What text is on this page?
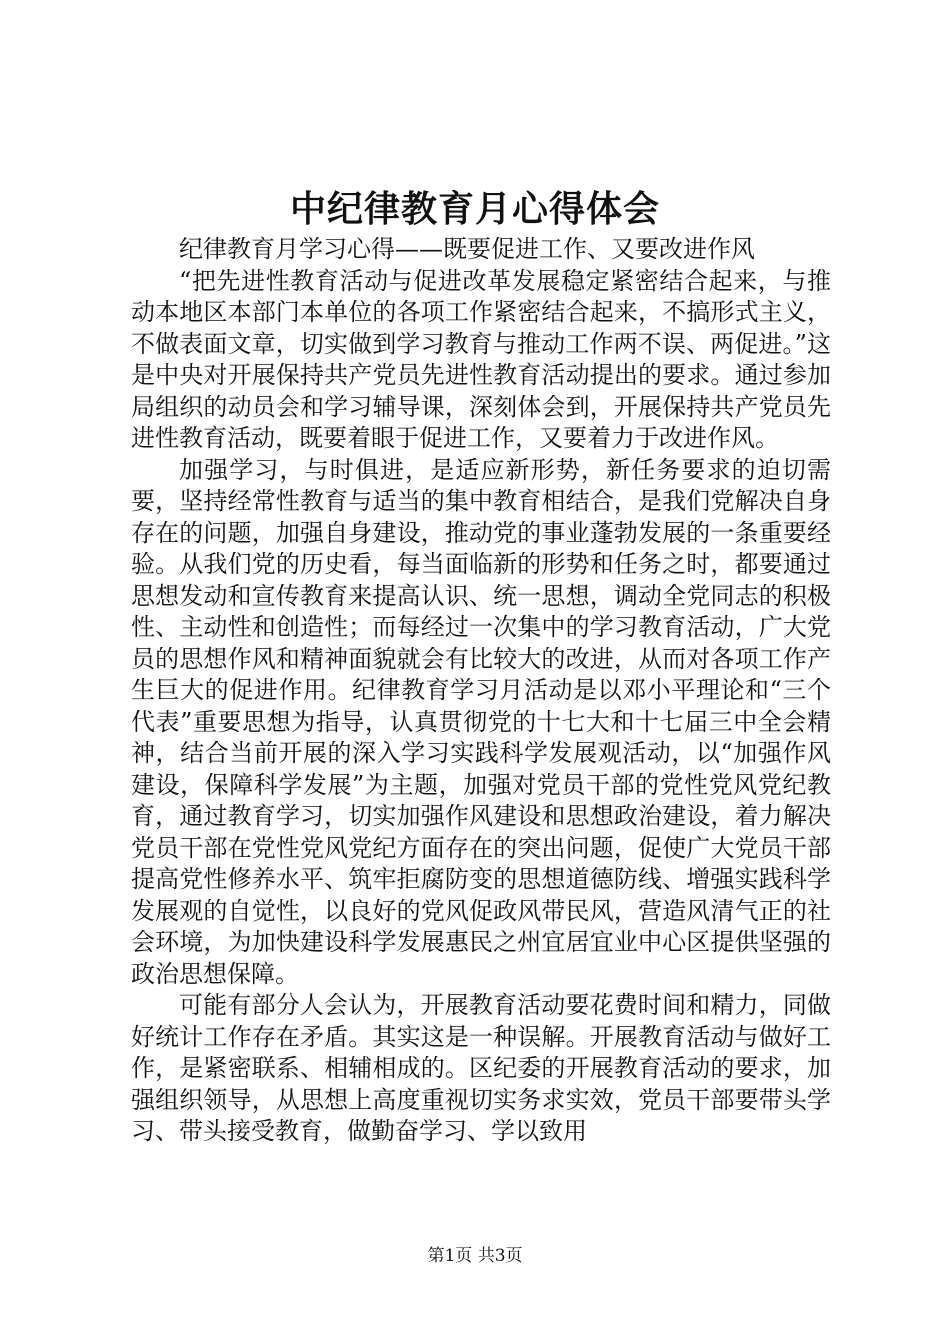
中纪律教育月心得体会

纪律教育月学习心得——既要促进工作、又要改进作风

“把先进性教育活动与促进改革发展稳定紧密结合起来，与推动本地区本部门本单位的各项工作紧密结合起来，不搞形式主义，不做表面文章，切实做到学习教育与推动工作两不误、两促进。”这是中央对开展保持共产党员先进性教育活动提出的要求。通过参加局组织的动员会和学习辅导课，深刻体会到，开展保持共产党员先进性教育活动，既要着眼于促进工作，又要着力于改进作风。

加强学习，与时俱进，是适应新形势，新任务要求的迫切需要，坚持经常性教育与适当的集中教育相结合，是我们党解决自身存在的问题，加强自身建设，推动党的事业蓬勃发展的一条重要经验。从我们党的历史看，每当面临新的形势和任务之时，都要通过思想发动和宣传教育来提高认识、统一思想，调动全党同志的积极性、主动性和创造性；而每经过一次集中的学习教育活动，广大党员的思想作风和精神面貌就会有比较大的改进，从而对各项工作产生巨大的促进作用。纪律教育学习月活动是以邓小平理论和“三个代表”重要思想为指导，认真贯彻党的十七大和十七届三中全会精神，结合当前开展的深入学习实践科学发展观活动，以“加强作风建设，保障科学发展”为主题，加强对党员干部的党性党风党纪教育，通过教育学习，切实加强作风建设和思想政治建设，着力解决党员干部在党性党风党纪方面存在的突出问题，促使广大党员干部提高党性修养水平、筑牢拒腐防变的思想道德防线、增强实践科学发展观的自觉性，以良好的党风促政风带民风，营造风清气正的社会环境，为加快建设科学发展惠民之州宜居宜业中心区提供坚强的政治思想保障。

可能有部分人会认为，开展教育活动要花费时间和精力，同做好统计工作存在矛盾。其实这是一种误解。开展教育活动与做好工作，是紧密联系、相辅相成的。区纪委的开展教育活动的要求，加强组织领导，从思想上高度重视切实务求实效，党员干部要带头学习、带头接受教育，做勤奋学习、学以致用

第1页 共3页
